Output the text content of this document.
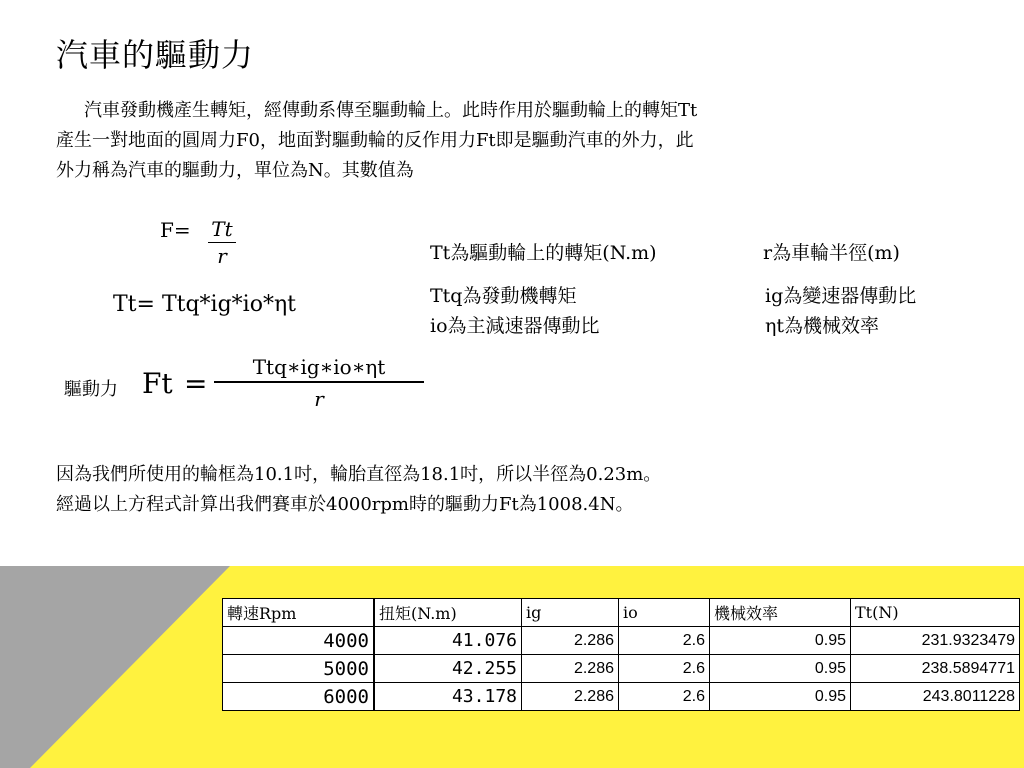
汽車的驅動力
汽車發動機產生轉矩，經傳動系傳至驅動輪上。此時作用於驅動輪上的轉矩Tt
產生一對地面的圓周力F0，地面對驅動輪的反作用力Ft即是驅動汽車的外力，此
外力稱為汽車的驅動力，單位為N。其數值為
$F= \frac{Tt}{r}$
Tt= Ttq*ig*io*ηt
Tt為驅動輪上的轉矩(N.m)	r為車輪半徑(m)
Ttq為發動機轉矩	ig為變速器傳動比
io為主減速器傳動比	ηt為機械效率
驅動力 Ft =	Ttq∗ig∗io∗ηt
r
因為我們所使用的輪框為10.1吋，輪胎直徑為18.1吋，所以半徑為0.23m。
經過以上方程式計算出我們賽車於4000rpm時的驅動力Ft為1008.4N。
轉速Rpm	扭矩(N.m)	ig	io	機械效率	Tt(N)
4000	41.076	2.286	2.6	0.95	231.9323479
5000	42.255	2.286	2.6	0.95	238.5894771
6000	43.178	2.286	2.6	0.95	243.8011228
